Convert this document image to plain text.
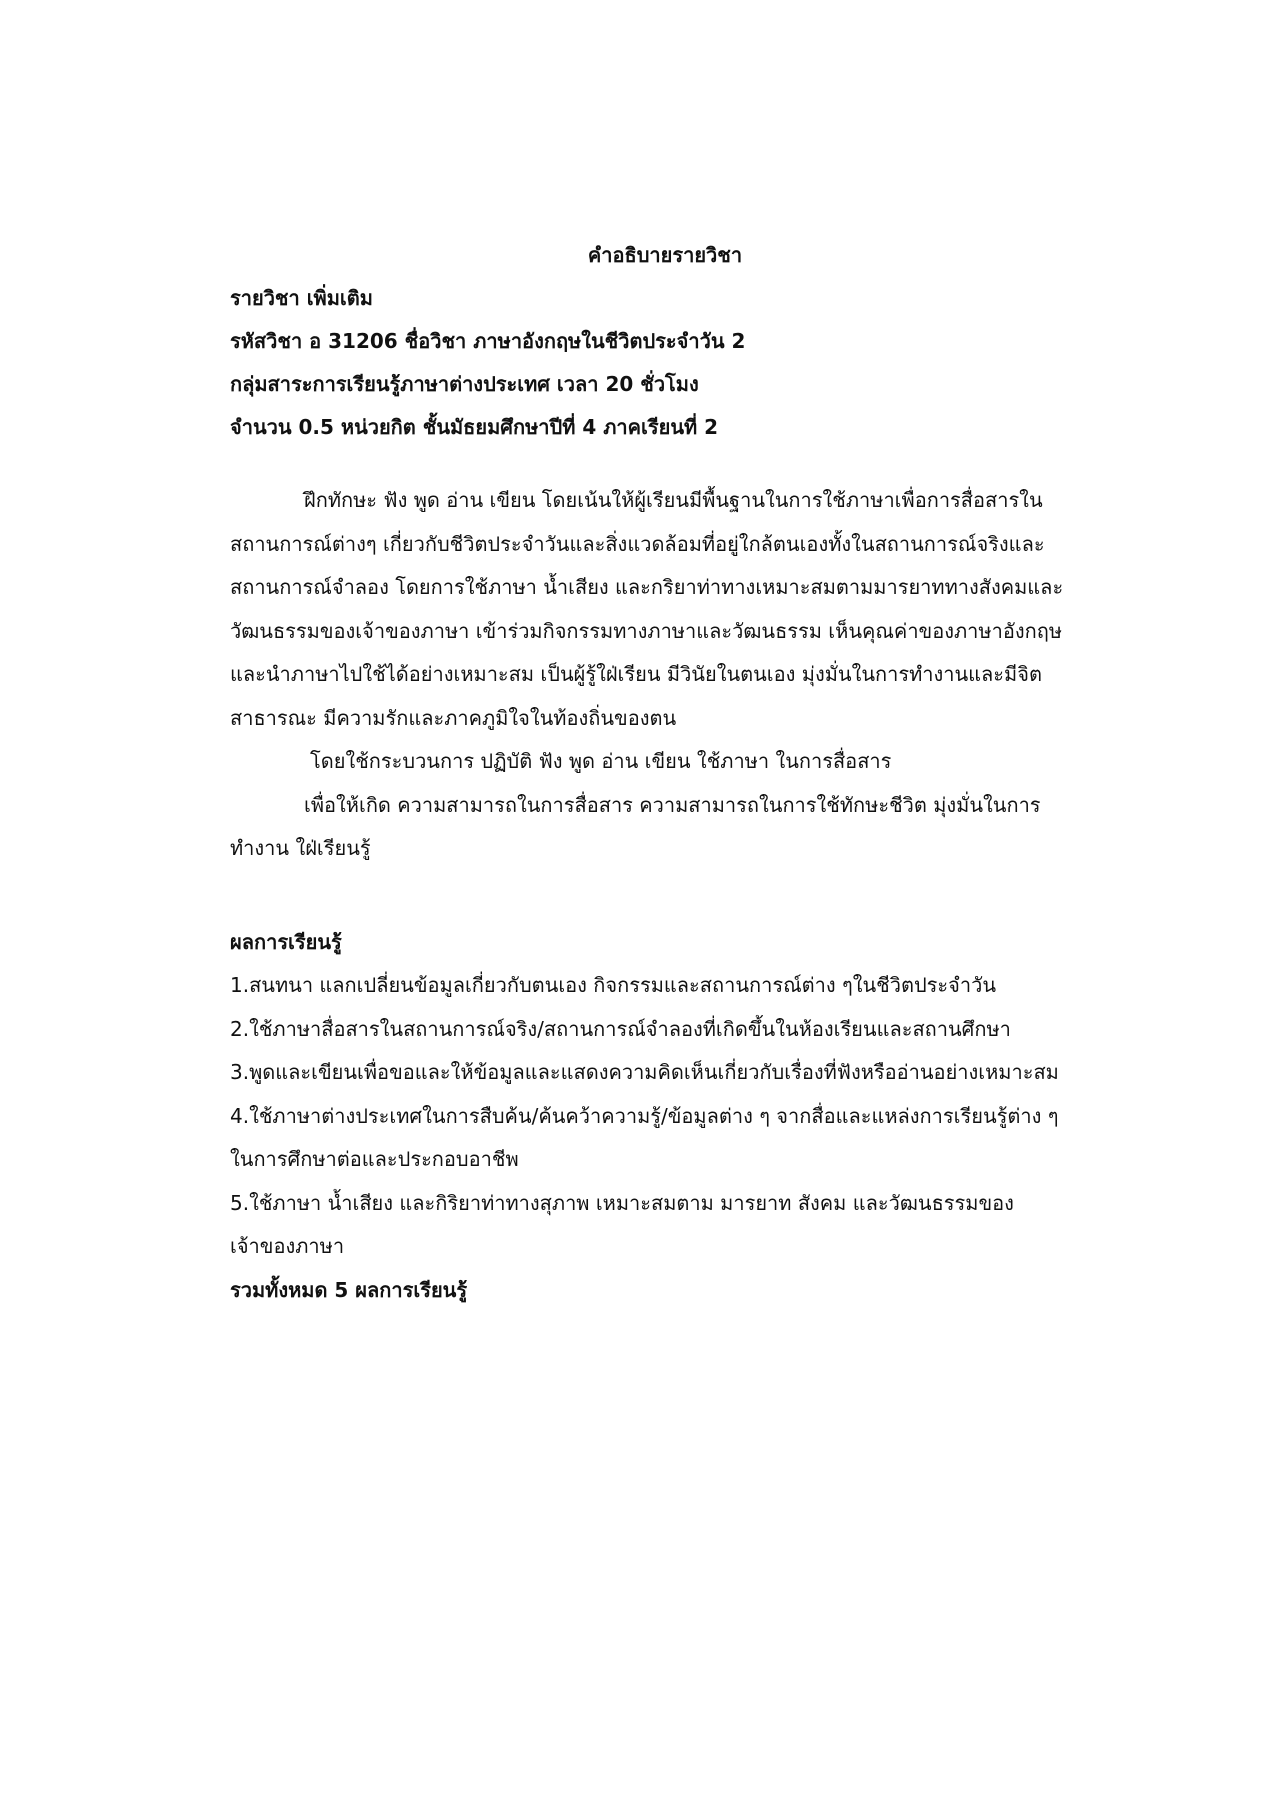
คำอธิบายรายวิชา
รายวิชา เพิ่มเติม
รหัสวิชา อ 31206 ชื่อวิชา ภาษาอังกฤษในชีวิตประจำวัน 2
กลุ่มสาระการเรียนรู้ภาษาต่างประเทศ เวลา 20 ชั่วโมง
จำนวน 0.5 หน่วยกิต ชั้นมัธยมศึกษาปีที่ 4 ภาคเรียนที่ 2
ฝึกทักษะ ฟัง พูด อ่าน เขียน โดยเน้นให้ผู้เรียนมีพื้นฐานในการใช้ภาษาเพื่อการสื่อสารใน
สถานการณ์ต่างๆ เกี่ยวกับชีวิตประจำวันและสิ่งแวดล้อมที่อยู่ใกล้ตนเองทั้งในสถานการณ์จริงและ
สถานการณ์จำลอง โดยการใช้ภาษา น้ำเสียง และกริยาท่าทางเหมาะสมตามมารยาททางสังคมและ
วัฒนธรรมของเจ้าของภาษา เข้าร่วมกิจกรรมทางภาษาและวัฒนธรรม เห็นคุณค่าของภาษาอังกฤษ
และนำภาษาไปใช้ได้อย่างเหมาะสม เป็นผู้รู้ใฝ่เรียน มีวินัยในตนเอง มุ่งมั่นในการทำงานและมีจิต
สาธารณะ มีความรักและภาคภูมิใจในท้องถิ่นของตน
โดยใช้กระบวนการ ปฏิบัติ ฟัง พูด อ่าน เขียน ใช้ภาษา ในการสื่อสาร
เพื่อให้เกิด ความสามารถในการสื่อสาร ความสามารถในการใช้ทักษะชีวิต มุ่งมั่นในการ
ทำงาน ใฝ่เรียนรู้
ผลการเรียนรู้
1.สนทนา แลกเปลี่ยนข้อมูลเกี่ยวกับตนเอง กิจกรรมและสถานการณ์ต่าง ๆในชีวิตประจำวัน
2.ใช้ภาษาสื่อสารในสถานการณ์จริง/สถานการณ์จำลองที่เกิดขึ้นในห้องเรียนและสถานศึกษา
3.พูดและเขียนเพื่อขอและให้ข้อมูลและแสดงความคิดเห็นเกี่ยวกับเรื่องที่ฟังหรืออ่านอย่างเหมาะสม
4.ใช้ภาษาต่างประเทศในการสืบค้น/ค้นคว้าความรู้/ข้อมูลต่าง ๆ จากสื่อและแหล่งการเรียนรู้ต่าง ๆ
ในการศึกษาต่อและประกอบอาชีพ
5.ใช้ภาษา น้ำเสียง และกิริยาท่าทางสุภาพ เหมาะสมตาม มารยาท สังคม และวัฒนธรรมของ
เจ้าของภาษา
รวมทั้งหมด 5 ผลการเรียนรู้
